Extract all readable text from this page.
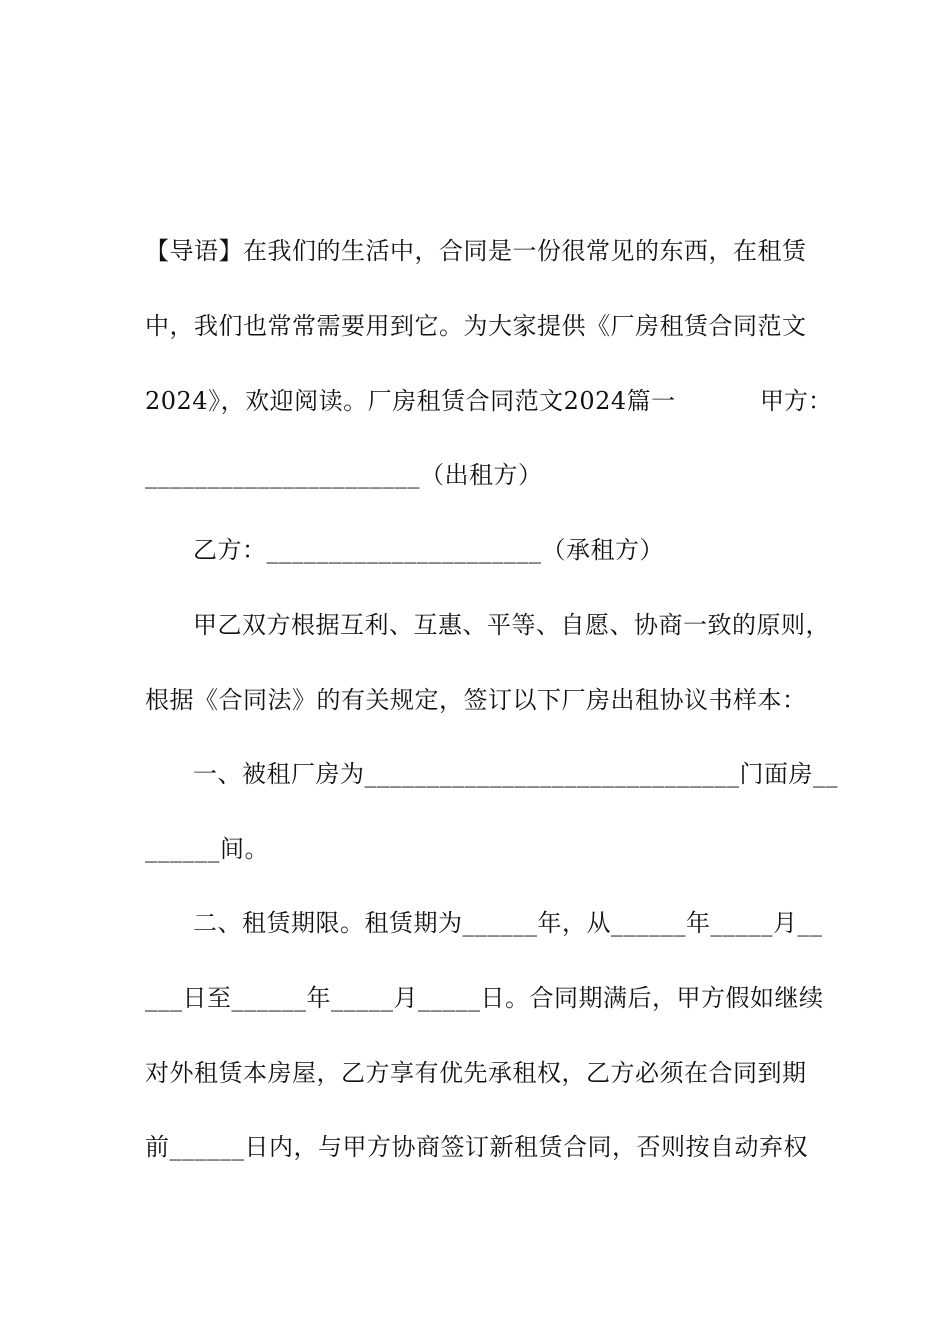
【导语】在我们的生活中，合同是一份很常见的东西，在租赁
中，我们也常常需要用到它。为大家提供《厂房租赁合同范文
2024》，欢迎阅读。厂房租赁合同范文2024篇一	甲方：
______________________（出租方）
乙方：______________________（承租方）
甲乙双方根据互利、互惠、平等、自愿、协商一致的原则，
根据《合同法》的有关规定，签订以下厂房出租协议书样本：
一、被租厂房为______________________________门面房__
______间。
二、租赁期限。租赁期为______年，从______年_____月__
___日至______年_____月_____日。合同期满后，甲方假如继续
对外租赁本房屋，乙方享有优先承租权，乙方必须在合同到期
前______日内，与甲方协商签订新租赁合同，否则按自动弃权
